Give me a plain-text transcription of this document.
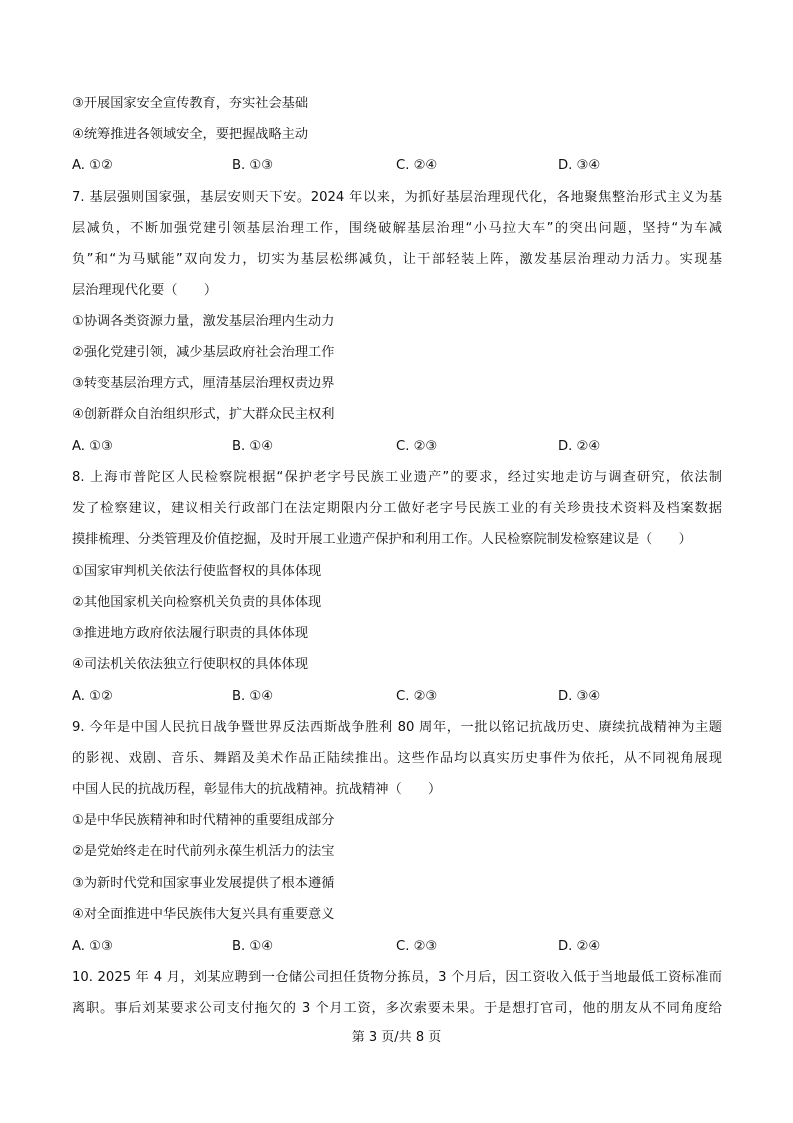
③开展国家安全宣传教育，夯实社会基础
④统筹推进各领域安全，要把握战略主动
A. ①②	B. ①③	C. ②④	D. ③④
7. 基层强则国家强，基层安则天下安。2024 年以来，为抓好基层治理现代化，各地聚焦整治形式主义为基
层减负，不断加强党建引领基层治理工作，围绕破解基层治理“小马拉大车”的突出问题，坚持“为车减
负”和“为马赋能”双向发力，切实为基层松绑减负，让干部轻装上阵，激发基层治理动力活力。实现基
层治理现代化要（　　）
①协调各类资源力量，激发基层治理内生动力
②强化党建引领，减少基层政府社会治理工作
③转变基层治理方式，厘清基层治理权责边界
④创新群众自治组织形式，扩大群众民主权利
A. ①③	B. ①④	C. ②③	D. ②④
8. 上海市普陀区人民检察院根据“保护老字号民族工业遗产”的要求，经过实地走访与调查研究，依法制
发了检察建议，建议相关行政部门在法定期限内分工做好老字号民族工业的有关珍贵技术资料及档案数据
摸排梳理、分类管理及价值挖掘，及时开展工业遗产保护和利用工作。人民检察院制发检察建议是（　　）
①国家审判机关依法行使监督权的具体体现
②其他国家机关向检察机关负责的具体体现
③推进地方政府依法履行职责的具体体现
④司法机关依法独立行使职权的具体体现
A. ①②	B. ①④	C. ②③	D. ③④
9. 今年是中国人民抗日战争暨世界反法西斯战争胜利 80 周年，一批以铭记抗战历史、赓续抗战精神为主题
的影视、戏剧、音乐、舞蹈及美术作品正陆续推出。这些作品均以真实历史事件为依托，从不同视角展现
中国人民的抗战历程，彰显伟大的抗战精神。抗战精神（　　）
①是中华民族精神和时代精神的重要组成部分
②是党始终走在时代前列永葆生机活力的法宝
③为新时代党和国家事业发展提供了根本遵循
④对全面推进中华民族伟大复兴具有重要意义
A. ①③	B. ①④	C. ②③	D. ②④
10. 2025 年 4 月，刘某应聘到一仓储公司担任货物分拣员，3 个月后，因工资收入低于当地最低工资标准而
离职。事后刘某要求公司支付拖欠的 3 个月工资，多次索要未果。于是想打官司，他的朋友从不同角度给
第 3 页/共 8 页
